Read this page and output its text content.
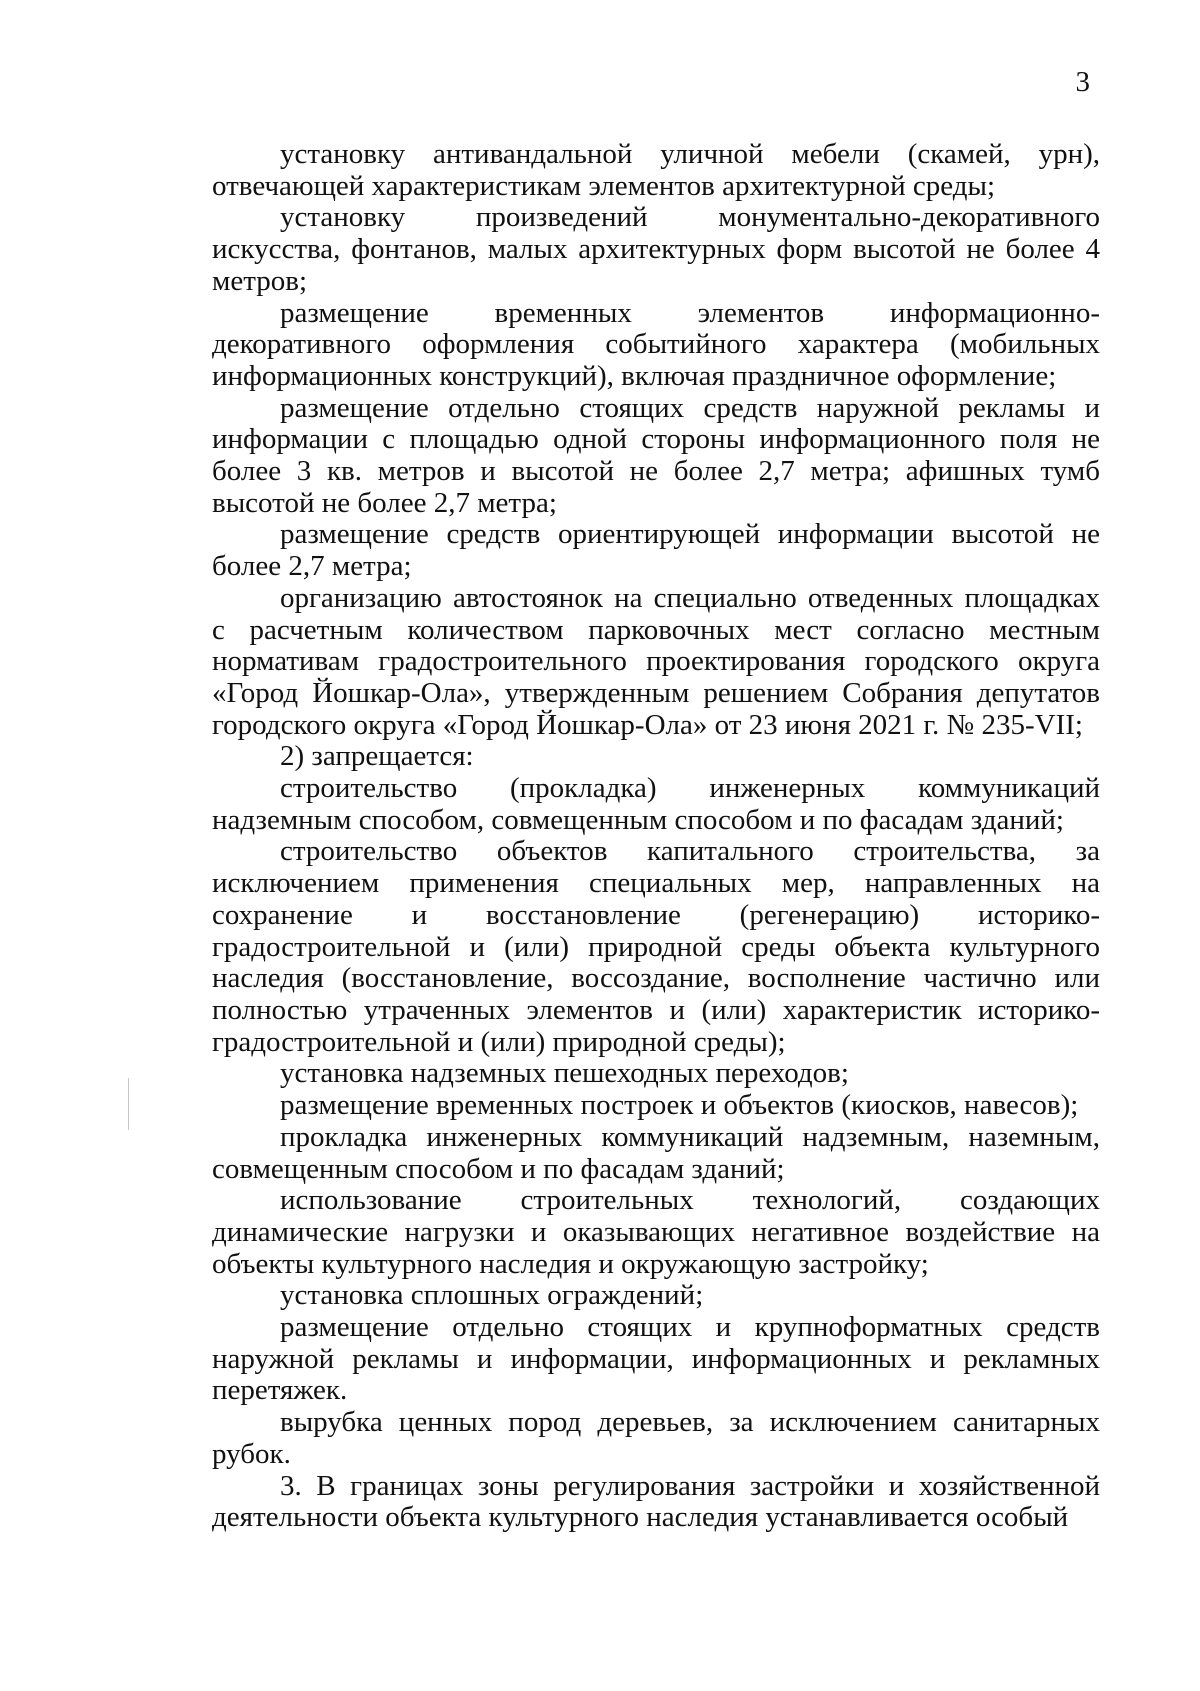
3

установку антивандальной уличной мебели (скамей, урн), отвечающей характеристикам элементов архитектурной среды;

установку произведений монументально-декоративного искусства, фонтанов, малых архитектурных форм высотой не более 4 метров;

размещение временных элементов информационно-декоративного оформления событийного характера (мобильных информационных конструкций), включая праздничное оформление;

размещение отдельно стоящих средств наружной рекламы и информации с площадью одной стороны информационного поля не более 3 кв. метров и высотой не более 2,7 метра; афишных тумб высотой не более 2,7 метра;

размещение средств ориентирующей информации высотой не более 2,7 метра;

организацию автостоянок на специально отведенных площадках с расчетным количеством парковочных мест согласно местным нормативам градостроительного проектирования городского округа «Город Йошкар-Ола», утвержденным решением Собрания депутатов городского округа «Город Йошкар-Ола» от 23 июня 2021 г. № 235-VII;

2) запрещается:

строительство (прокладка) инженерных коммуникаций надземным способом, совмещенным способом и по фасадам зданий;

строительство объектов капитального строительства, за исключением применения специальных мер, направленных на сохранение и восстановление (регенерацию) историко-градостроительной и (или) природной среды объекта культурного наследия (восстановление, воссоздание, восполнение частично или полностью утраченных элементов и (или) характеристик историко-градостроительной и (или) природной среды);

установка надземных пешеходных переходов;

размещение временных построек и объектов (киосков, навесов);

прокладка инженерных коммуникаций надземным, наземным, совмещенным способом и по фасадам зданий;

использование строительных технологий, создающих динамические нагрузки и оказывающих негативное воздействие на объекты культурного наследия и окружающую застройку;

установка сплошных ограждений;

размещение отдельно стоящих и крупноформатных средств наружной рекламы и информации, информационных и рекламных перетяжек.

вырубка ценных пород деревьев, за исключением санитарных рубок.

3. В границах зоны регулирования застройки и хозяйственной деятельности объекта культурного наследия устанавливается особый
